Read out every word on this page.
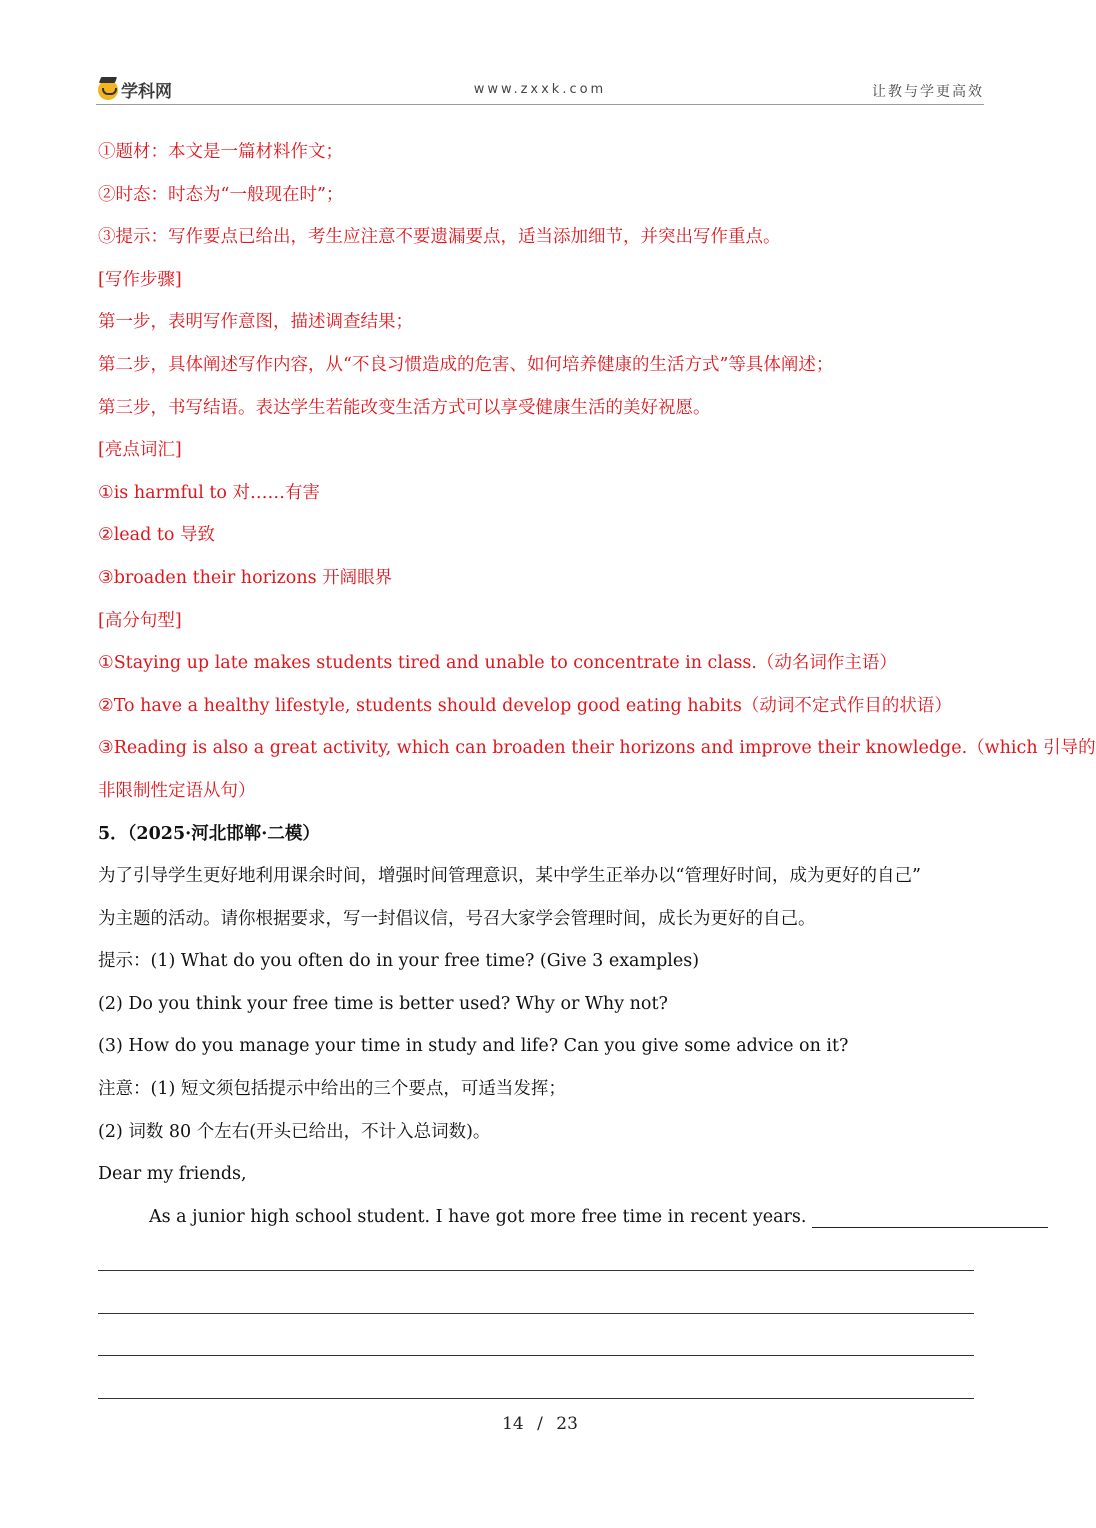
学科网	www.zxxk.com	让教与学更高效
①题材：本文是一篇材料作文；
②时态：时态为“一般现在时”；
③提示：写作要点已给出，考生应注意不要遗漏要点，适当添加细节，并突出写作重点。
[写作步骤]
第一步，表明写作意图，描述调查结果；
第二步，具体阐述写作内容，从“不良习惯造成的危害、如何培养健康的生活方式”等具体阐述；
第三步，书写结语。表达学生若能改变生活方式可以享受健康生活的美好祝愿。
[亮点词汇]
①is harmful to 对……有害
②lead to 导致
③broaden their horizons 开阔眼界
[高分句型]
①Staying up late makes students tired and unable to concentrate in class.（动名词作主语）
②To have a healthy lifestyle, students should develop good eating habits（动词不定式作目的状语）
③Reading is also a great activity, which can broaden their horizons and improve their knowledge.（which 引导的
非限制性定语从句）
5．（2025·河北邯郸·二模）
为了引导学生更好地利用课余时间，增强时间管理意识，某中学生正举办以“管理好时间，成为更好的自己”
为主题的活动。请你根据要求，写一封倡议信，号召大家学会管理时间，成长为更好的自己。
提示：(1) What do you often do in your free time? (Give 3 examples)
(2) Do you think your free time is better used? Why or Why not?
(3) How do you manage your time in study and life? Can you give some advice on it?
注意：(1) 短文须包括提示中给出的三个要点，可适当发挥；
(2) 词数 80 个左右(开头已给出，不计入总词数)。
Dear my friends,
As a junior high school student. I have got more free time in recent years.
14 / 23
